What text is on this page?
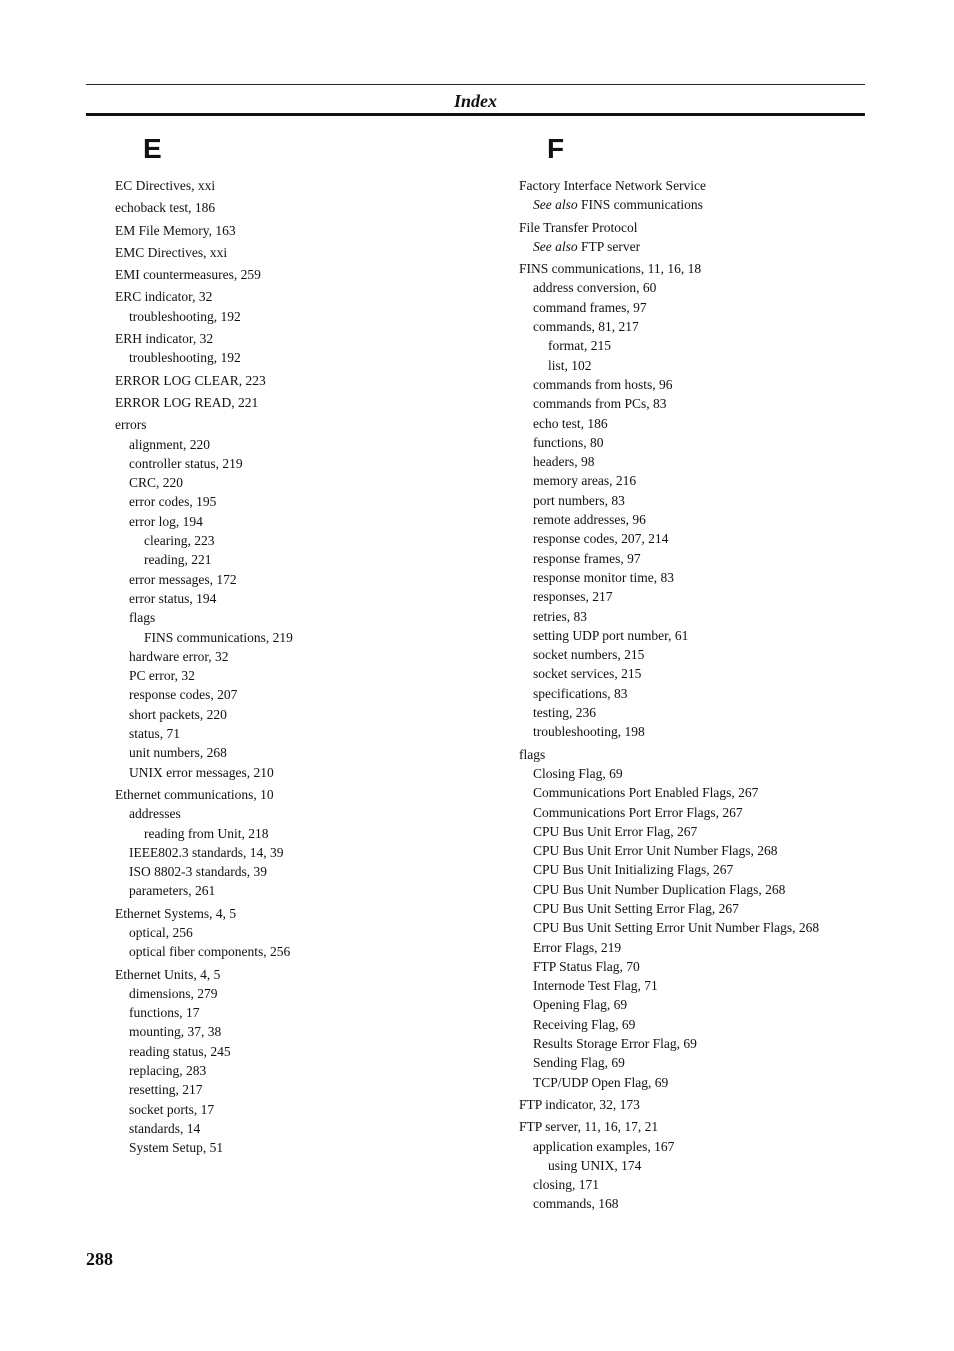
Index
E	F
EC Directives, xxi
echoback test, 186
EM File Memory, 163
EMC Directives, xxi
EMI countermeasures, 259
ERC indicator, 32
troubleshooting, 192
ERH indicator, 32
troubleshooting, 192
ERROR LOG CLEAR, 223
ERROR LOG READ, 221
errors
alignment, 220
controller status, 219
CRC, 220
error codes, 195
error log, 194
clearing, 223
reading, 221
error messages, 172
error status, 194
flags
FINS communications, 219
hardware error, 32
PC error, 32
response codes, 207
short packets, 220
status, 71
unit numbers, 268
UNIX error messages, 210
Ethernet communications, 10
addresses
reading from Unit, 218
IEEE802.3 standards, 14, 39
ISO 8802-3 standards, 39
parameters, 261
Ethernet Systems, 4, 5
optical, 256
optical fiber components, 256
Ethernet Units, 4, 5
dimensions, 279
functions, 17
mounting, 37, 38
reading status, 245
replacing, 283
resetting, 217
socket ports, 17
standards, 14
System Setup, 51
Factory Interface Network Service
See also FINS communications
File Transfer Protocol
See also FTP server
FINS communications, 11, 16, 18
address conversion, 60
command frames, 97
commands, 81, 217
format, 215
list, 102
commands from hosts, 96
commands from PCs, 83
echo test, 186
functions, 80
headers, 98
memory areas, 216
port numbers, 83
remote addresses, 96
response codes, 207, 214
response frames, 97
response monitor time, 83
responses, 217
retries, 83
setting UDP port number, 61
socket numbers, 215
socket services, 215
specifications, 83
testing, 236
troubleshooting, 198
flags
Closing Flag, 69
Communications Port Enabled Flags, 267
Communications Port Error Flags, 267
CPU Bus Unit Error Flag, 267
CPU Bus Unit Error Unit Number Flags, 268
CPU Bus Unit Initializing Flags, 267
CPU Bus Unit Number Duplication Flags, 268
CPU Bus Unit Setting Error Flag, 267
CPU Bus Unit Setting Error Unit Number Flags, 268
Error Flags, 219
FTP Status Flag, 70
Internode Test Flag, 71
Opening Flag, 69
Receiving Flag, 69
Results Storage Error Flag, 69
Sending Flag, 69
TCP/UDP Open Flag, 69
FTP indicator, 32, 173
FTP server, 11, 16, 17, 21
application examples, 167
using UNIX, 174
closing, 171
commands, 168
288
